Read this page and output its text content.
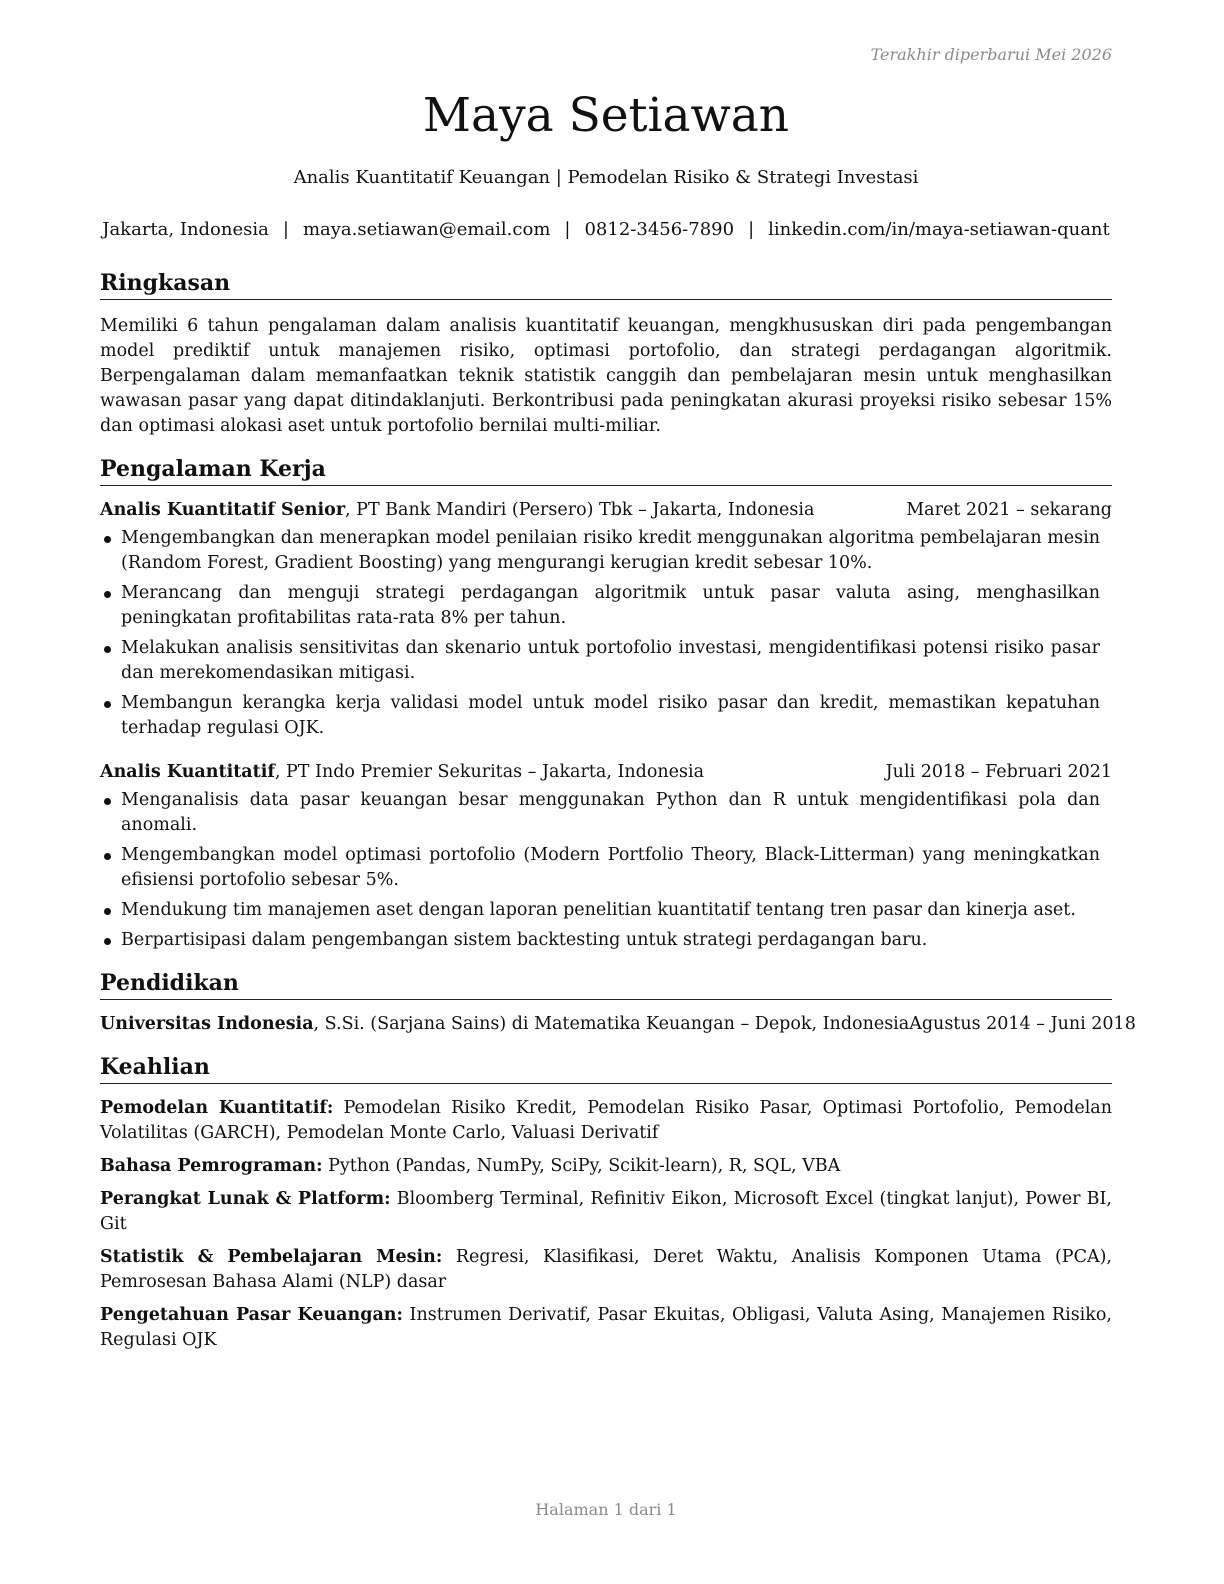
Terakhir diperbarui Mei 2026
Maya Setiawan
Analis Kuantitatif Keuangan | Pemodelan Risiko & Strategi Investasi
Jakarta, Indonesia | maya.setiawan@email.com | 0812-3456-7890 | linkedin.com/in/maya-setiawan-quant
Ringkasan

Memiliki 6 tahun pengalaman dalam analisis kuantitatif keuangan, mengkhususkan diri pada pengembangan model prediktif untuk manajemen risiko, optimasi portofolio, dan strategi perdagangan algoritmik. Berpengalaman dalam memanfaatkan teknik statistik canggih dan pembelajaran mesin untuk menghasilkan wawasan pasar yang dapat ditindaklanjuti. Berkontribusi pada peningkatan akurasi proyeksi risiko sebesar 15% dan optimasi alokasi aset untuk portofolio bernilai multi-miliar.

Pengalaman Kerja
Analis Kuantitatif Senior, PT Bank Mandiri (Persero) Tbk – Jakarta, Indonesia	Maret 2021 – sekarang
Mengembangkan dan menerapkan model penilaian risiko kredit menggunakan algoritma pembelajaran mesin (Random Forest, Gradient Boosting) yang mengurangi kerugian kredit sebesar 10%.
Merancang dan menguji strategi perdagangan algoritmik untuk pasar valuta asing, menghasilkan peningkatan profitabilitas rata-rata 8% per tahun.
Melakukan analisis sensitivitas dan skenario untuk portofolio investasi, mengidentifikasi potensi risiko pasar dan merekomendasikan mitigasi.
Membangun kerangka kerja validasi model untuk model risiko pasar dan kredit, memastikan kepatuhan terhadap regulasi OJK.
Analis Kuantitatif, PT Indo Premier Sekuritas – Jakarta, Indonesia	Juli 2018 – Februari 2021
Menganalisis data pasar keuangan besar menggunakan Python dan R untuk mengidentifikasi pola dan anomali.
Mengembangkan model optimasi portofolio (Modern Portfolio Theory, Black-Litterman) yang meningkatkan efisiensi portofolio sebesar 5%.
Mendukung tim manajemen aset dengan laporan penelitian kuantitatif tentang tren pasar dan kinerja aset.
Berpartisipasi dalam pengembangan sistem backtesting untuk strategi perdagangan baru.
Pendidikan
Universitas Indonesia, S.Si. (Sarjana Sains) di Matematika Keuangan – Depok, Indonesia Agustus 2014 – Juni 2018
Keahlian

Pemodelan Kuantitatif: Pemodelan Risiko Kredit, Pemodelan Risiko Pasar, Optimasi Portofolio, Pemodelan Volatilitas (GARCH), Pemodelan Monte Carlo, Valuasi Derivatif

Bahasa Pemrograman: Python (Pandas, NumPy, SciPy, Scikit-learn), R, SQL, VBA

Perangkat Lunak & Platform: Bloomberg Terminal, Refinitiv Eikon, Microsoft Excel (tingkat lanjut), Power BI, Git

Statistik & Pembelajaran Mesin: Regresi, Klasifikasi, Deret Waktu, Analisis Komponen Utama (PCA), Pemrosesan Bahasa Alami (NLP) dasar

Pengetahuan Pasar Keuangan: Instrumen Derivatif, Pasar Ekuitas, Obligasi, Valuta Asing, Manajemen Risiko, Regulasi OJK

Halaman 1 dari 1
